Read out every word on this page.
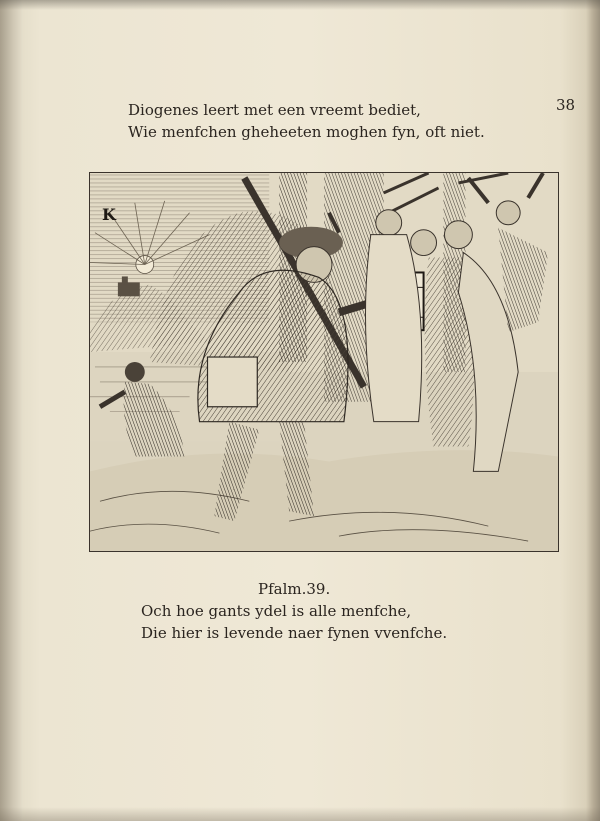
38
Diogenes leert met een vreemt bediet,
Wie menfchen gheheeten moghen fyn, oft niet.
K
Pfalm.39.
Och hoe gants ydel is alle menfche,
Die hier is levende naer fynen vvenfche.
